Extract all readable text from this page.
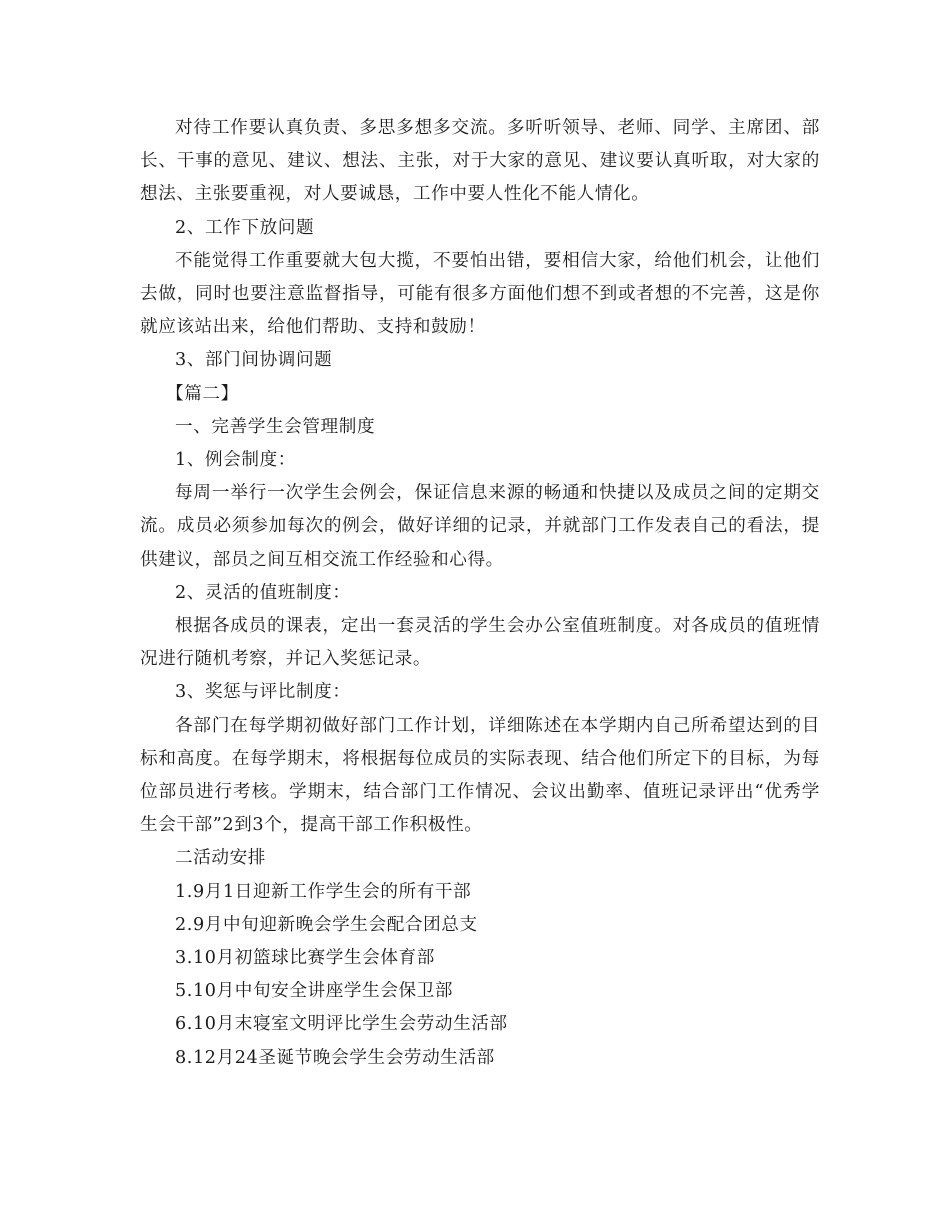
对待工作要认真负责、多思多想多交流。多听听领导、老师、同学、主席团、部长、干事的意见、建议、想法、主张，对于大家的意见、建议要认真听取，对大家的想法、主张要重视，对人要诚恳，工作中要人性化不能人情化。

2、工作下放问题

不能觉得工作重要就大包大揽，不要怕出错，要相信大家，给他们机会，让他们去做，同时也要注意监督指导，可能有很多方面他们想不到或者想的不完善，这是你就应该站出来，给他们帮助、支持和鼓励！

3、部门间协调问题

【篇二】

一、完善学生会管理制度

1、例会制度：

每周一举行一次学生会例会，保证信息来源的畅通和快捷以及成员之间的定期交流。成员必须参加每次的例会，做好详细的记录，并就部门工作发表自己的看法，提供建议，部员之间互相交流工作经验和心得。

2、灵活的值班制度：

根据各成员的课表，定出一套灵活的学生会办公室值班制度。对各成员的值班情况进行随机考察，并记入奖惩记录。

3、奖惩与评比制度：

各部门在每学期初做好部门工作计划，详细陈述在本学期内自己所希望达到的目标和高度。在每学期末，将根据每位成员的实际表现、结合他们所定下的目标，为每位部员进行考核。学期末，结合部门工作情况、会议出勤率、值班记录评出“优秀学生会干部”2到3个，提高干部工作积极性。

二活动安排

1.9月1日迎新工作学生会的所有干部

2.9月中旬迎新晚会学生会配合团总支

3.10月初篮球比赛学生会体育部

5.10月中旬安全讲座学生会保卫部

6.10月末寝室文明评比学生会劳动生活部

8.12月24圣诞节晚会学生会劳动生活部
